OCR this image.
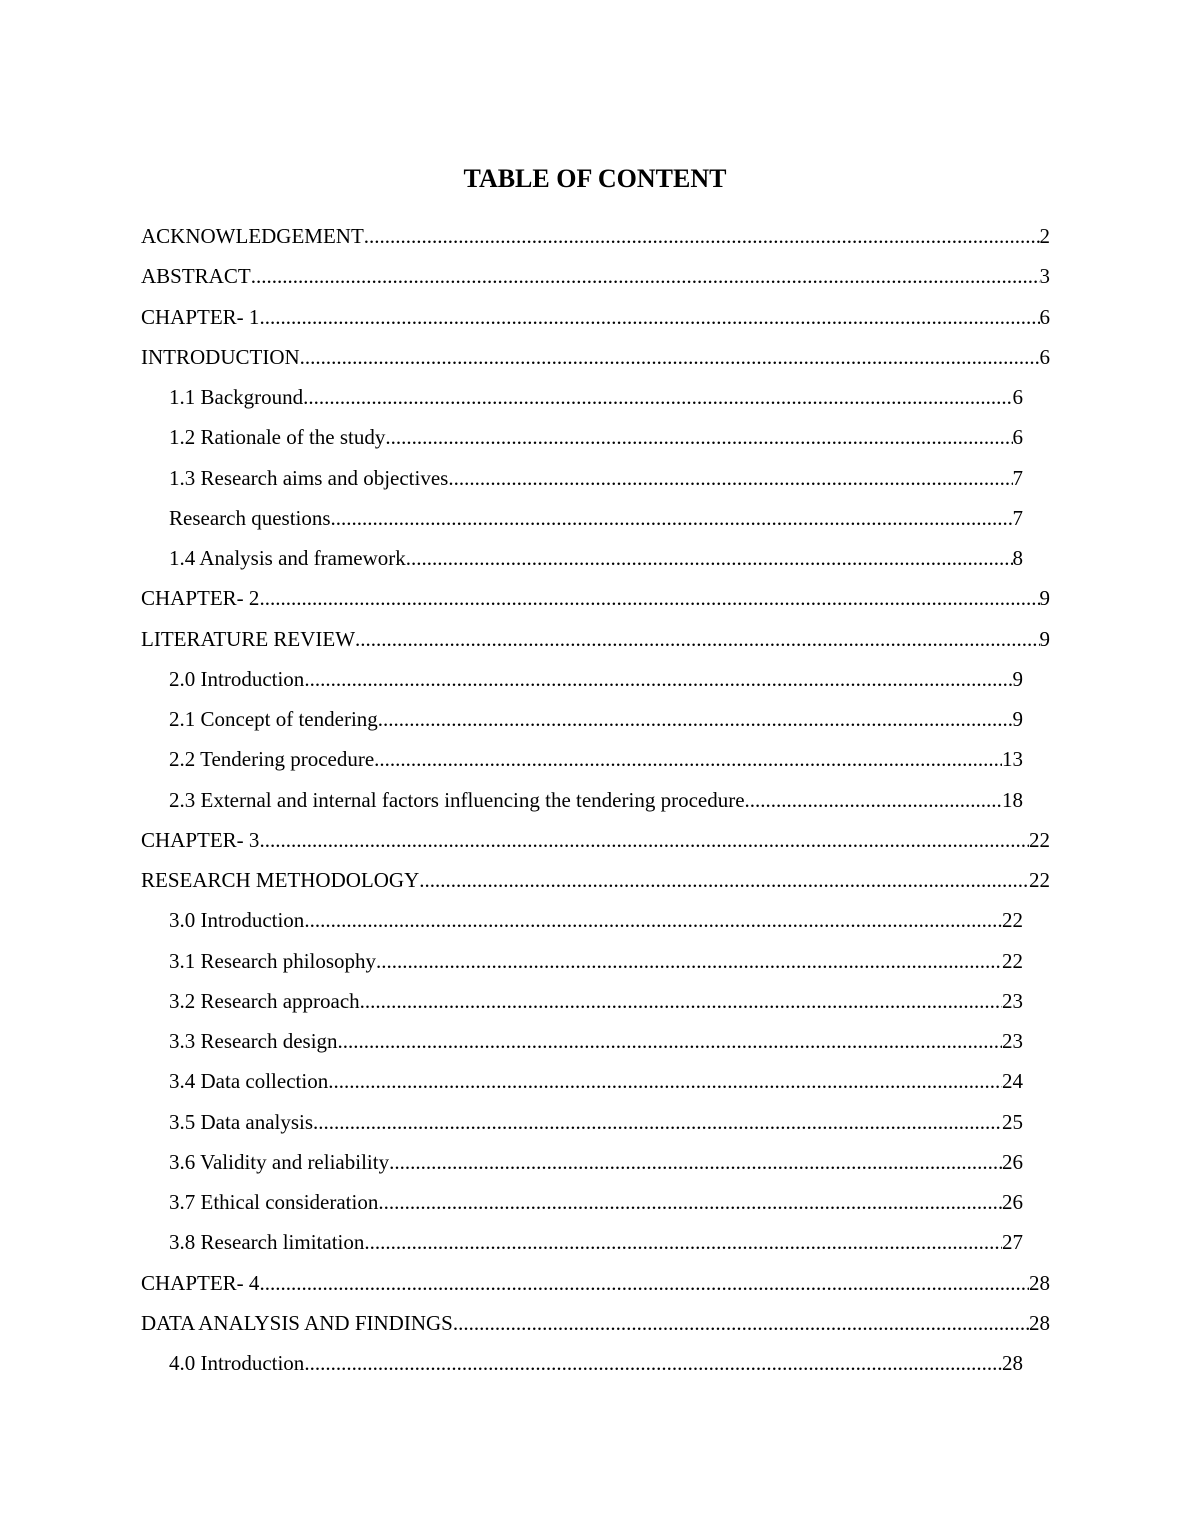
TABLE OF CONTENT
ACKNOWLEDGEMENT .....	2
ABSTRACT .....	3
CHAPTER- 1 .....	6
INTRODUCTION .....	6
1.1 Background .....	6
1.2 Rationale of the study .....	6
1.3 Research aims and objectives .....	7
Research questions .....	7
1.4 Analysis and framework .....	8
CHAPTER- 2 .....	9
LITERATURE REVIEW .....	9
2.0 Introduction .....	9
2.1 Concept of tendering .....	9
2.2 Tendering procedure .....	13
2.3 External and internal factors influencing the tendering procedure .....	18
CHAPTER- 3 .....	22
RESEARCH METHODOLOGY .....	22
3.0 Introduction .....	22
3.1 Research philosophy .....	22
3.2 Research approach .....	23
3.3 Research design .....	23
3.4 Data collection .....	24
3.5 Data analysis .....	25
3.6 Validity and reliability .....	26
3.7 Ethical consideration .....	26
3.8 Research limitation .....	27
CHAPTER- 4 .....	28
DATA ANALYSIS AND FINDINGS .....	28
4.0 Introduction .....	28
